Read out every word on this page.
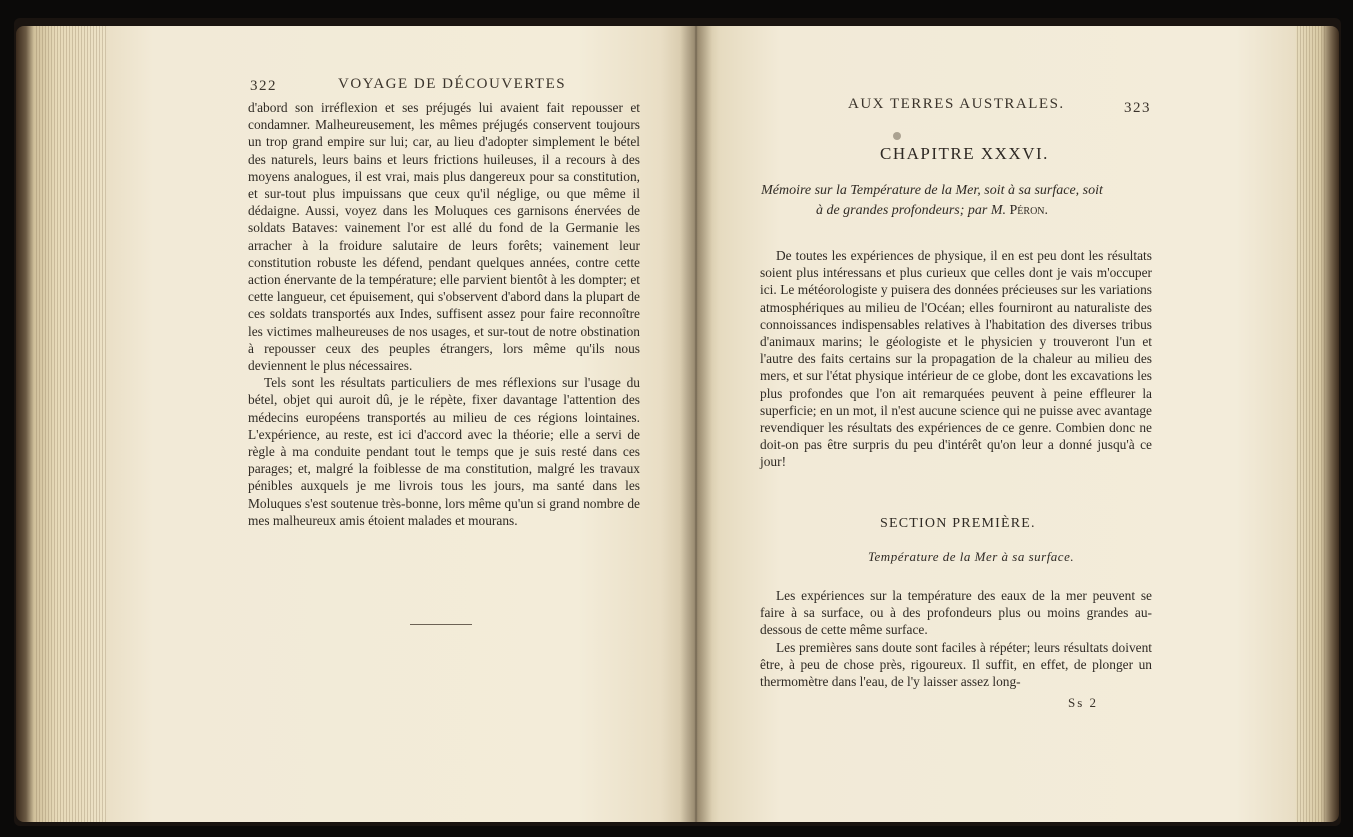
322	VOYAGE DE DÉCOUVERTES

d'abord son irréflexion et ses préjugés lui avaient fait repousser et condamner. Malheureusement, les mêmes préjugés conservent toujours un trop grand empire sur lui; car, au lieu d'adopter simplement le bétel des naturels, leurs bains et leurs frictions huileuses, il a recours à des moyens analogues, il est vrai, mais plus dangereux pour sa constitution, et sur-tout plus impuissans que ceux qu'il néglige, ou que même il dédaigne. Aussi, voyez dans les Moluques ces garnisons énervées de soldats Bataves: vainement l'or est allé du fond de la Germanie les arracher à la froidure salutaire de leurs forêts; vainement leur constitution robuste les défend, pendant quelques années, contre cette action énervante de la température; elle parvient bientôt à les dompter; et cette langueur, cet épuisement, qui s'observent d'abord dans la plupart de ces soldats transportés aux Indes, suffisent assez pour faire reconnoître les victimes malheureuses de nos usages, et sur-tout de notre obstination à repousser ceux des peuples étrangers, lors même qu'ils nous deviennent le plus nécessaires.

Tels sont les résultats particuliers de mes réflexions sur l'usage du bétel, objet qui auroit dû, je le répète, fixer davantage l'attention des médecins européens transportés au milieu de ces régions lointaines. L'expérience, au reste, est ici d'accord avec la théorie; elle a servi de règle à ma conduite pendant tout le temps que je suis resté dans ces parages; et, malgré la foiblesse de ma constitution, malgré les travaux pénibles auxquels je me livrois tous les jours, ma santé dans les Moluques s'est soutenue très-bonne, lors même qu'un si grand nombre de mes malheureux amis étoient malades et mourans.

AUX TERRES AUSTRALES.	323
CHAPITRE XXXVI.
Mémoire sur la Température de la Mer, soit à sa surface, soit
à de grandes profondeurs; par M. Péron.

De toutes les expériences de physique, il en est peu dont les résultats soient plus intéressans et plus curieux que celles dont je vais m'occuper ici. Le météorologiste y puisera des données précieuses sur les variations atmosphériques au milieu de l'Océan; elles fourniront au naturaliste des connoissances indispensables relatives à l'habitation des diverses tribus d'animaux marins; le géologiste et le physicien y trouveront l'un et l'autre des faits certains sur la propagation de la chaleur au milieu des mers, et sur l'état physique intérieur de ce globe, dont les excavations les plus profondes que l'on ait remarquées peuvent à peine effleurer la superficie; en un mot, il n'est aucune science qui ne puisse avec avantage revendiquer les résultats des expériences de ce genre. Combien donc ne doit-on pas être surpris du peu d'intérêt qu'on leur a donné jusqu'à ce jour!

SECTION PREMIÈRE.
Température de la Mer à sa surface.

Les expériences sur la température des eaux de la mer peuvent se faire à sa surface, ou à des profondeurs plus ou moins grandes au-dessous de cette même surface.

Les premières sans doute sont faciles à répéter; leurs résultats doivent être, à peu de chose près, rigoureux. Il suffit, en effet, de plonger un thermomètre dans l'eau, de l'y laisser assez long-

Ss 2
